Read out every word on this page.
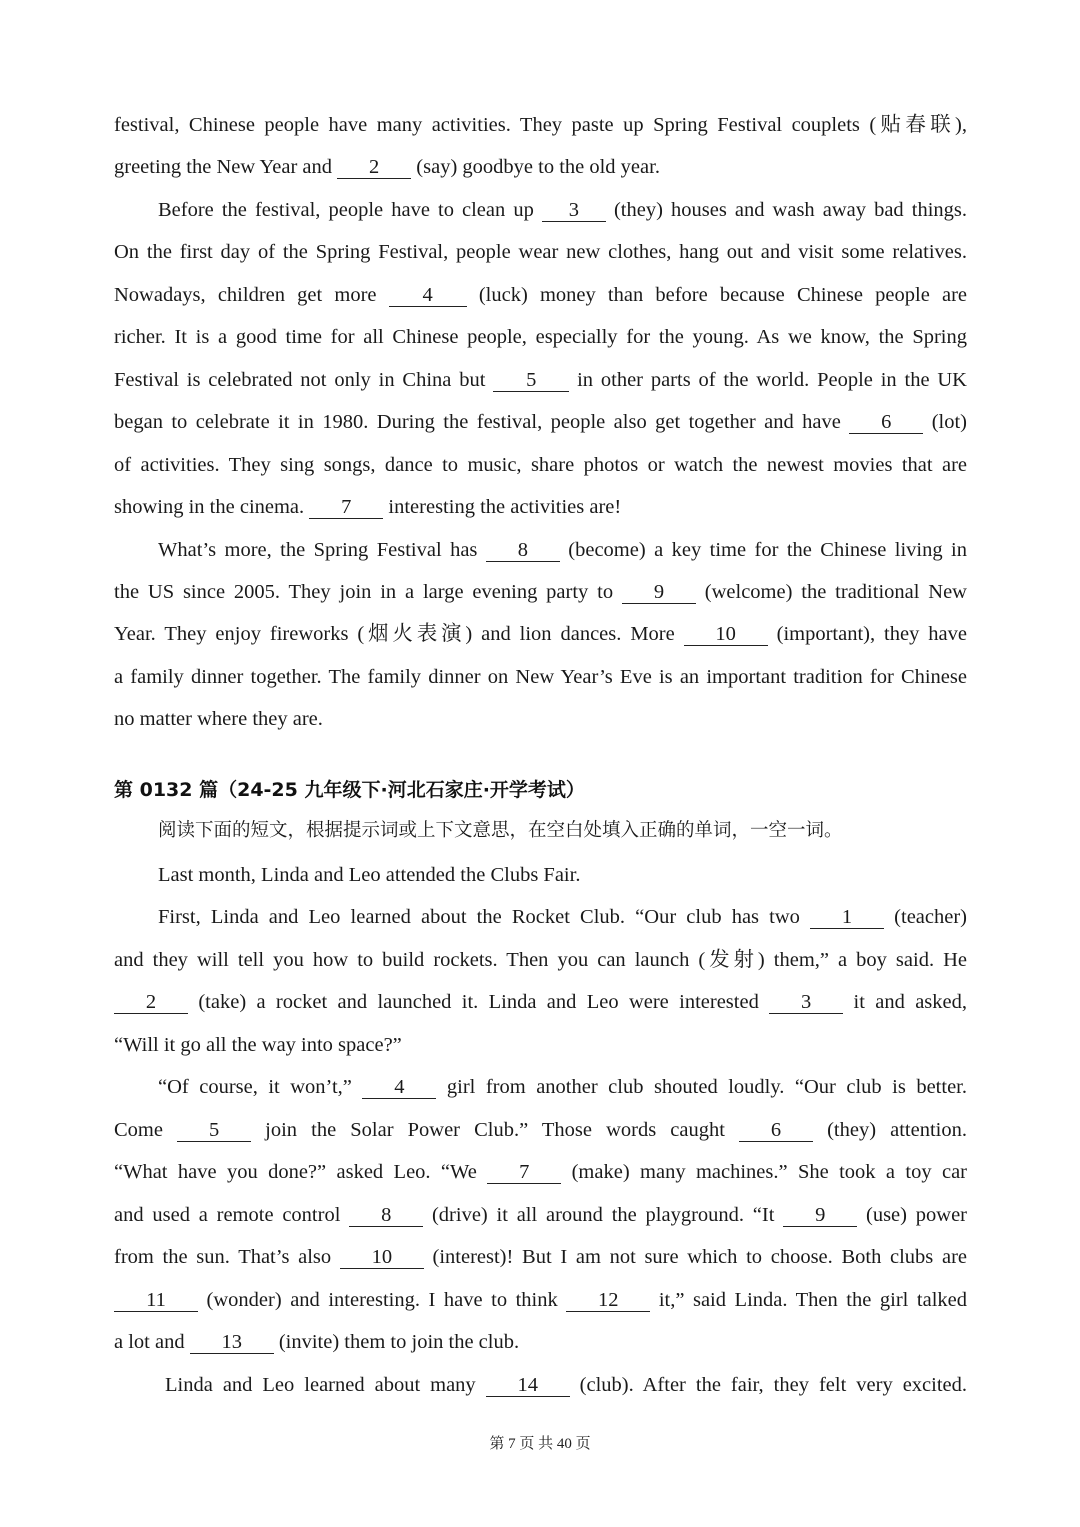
festival, Chinese people have many activities. They paste up Spring Festival couplets (贴春联),
greeting the New Year and 2 (say) goodbye to the old year.
Before the festival, people have to clean up 3 (they) houses and wash away bad things.
On the first day of the Spring Festival, people wear new clothes, hang out and visit some relatives.
Nowadays, children get more 4 (luck) money than before because Chinese people are
richer. It is a good time for all Chinese people, especially for the young. As we know, the Spring
Festival is celebrated not only in China but 5 in other parts of the world. People in the UK
began to celebrate it in 1980. During the festival, people also get together and have 6 (lot)
of activities. They sing songs, dance to music, share photos or watch the newest movies that are
showing in the cinema. 7 interesting the activities are!
What’s more, the Spring Festival has 8 (become) a key time for the Chinese living in
the US since 2005. They join in a large evening party to 9 (welcome) the traditional New
Year. They enjoy fireworks (烟火表演) and lion dances. More 10 (important), they have
a family dinner together. The family dinner on New Year’s Eve is an important tradition for Chinese
no matter where they are.
第 0132 篇（24-25 九年级下·河北石家庄·开学考试）
阅读下面的短文，根据提示词或上下文意思，在空白处填入正确的单词，一空一词。
Last month, Linda and Leo attended the Clubs Fair.
First, Linda and Leo learned about the Rocket Club. “Our club has two 1 (teacher)
and they will tell you how to build rockets. Then you can launch (发射) them,” a boy said. He
2 (take) a rocket and launched it. Linda and Leo were interested 3 it and asked,
“Will it go all the way into space?”
“Of course, it won’t,” 4 girl from another club shouted loudly. “Our club is better.
Come 5 join the Solar Power Club.” Those words caught 6 (they) attention.
“What have you done?” asked Leo. “We 7 (make) many machines.” She took a toy car
and used a remote control 8 (drive) it all around the playground. “It 9 (use) power
from the sun. That’s also 10 (interest)! But I am not sure which to choose. Both clubs are
11 (wonder) and interesting. I have to think 12 it,” said Linda. Then the girl talked
a lot and 13 (invite) them to join the club.
Linda and Leo learned about many 14 (club). After the fair, they felt very excited.
第 7 页 共 40 页
